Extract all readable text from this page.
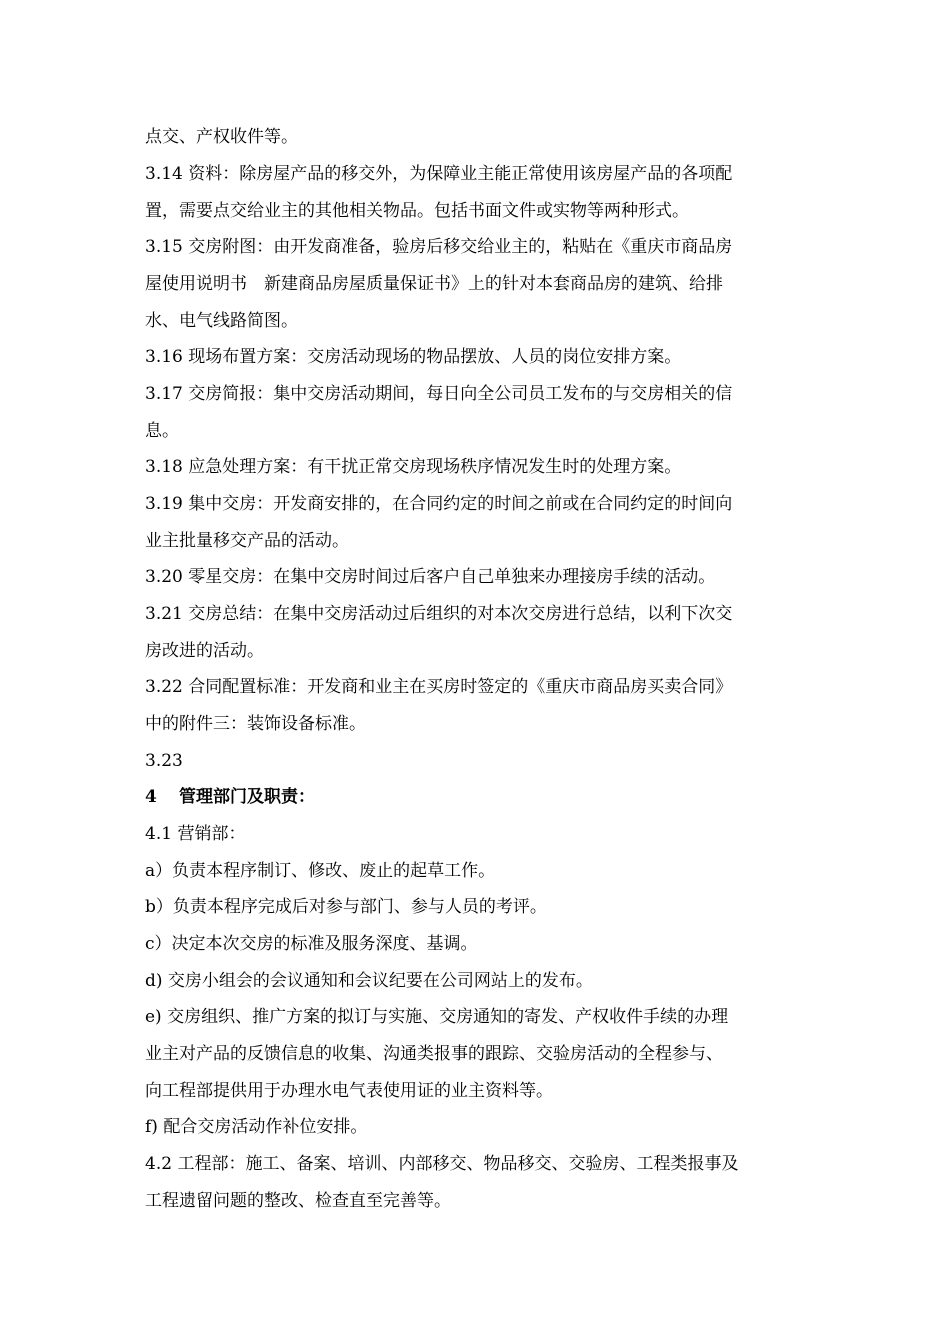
点交、产权收件等。
3.14 资料：除房屋产品的移交外，为保障业主能正常使用该房屋产品的各项配
置，需要点交给业主的其他相关物品。包括书面文件或实物等两种形式。
3.15 交房附图：由开发商准备，验房后移交给业主的，粘贴在《重庆市商品房
屋使用说明书　新建商品房屋质量保证书》上的针对本套商品房的建筑、给排
水、电气线路简图。
3.16 现场布置方案：交房活动现场的物品摆放、人员的岗位安排方案。
3.17 交房简报：集中交房活动期间，每日向全公司员工发布的与交房相关的信
息。
3.18 应急处理方案：有干扰正常交房现场秩序情况发生时的处理方案。
3.19 集中交房：开发商安排的，在合同约定的时间之前或在合同约定的时间向
业主批量移交产品的活动。
3.20 零星交房：在集中交房时间过后客户自己单独来办理接房手续的活动。
3.21 交房总结：在集中交房活动过后组织的对本次交房进行总结，以利下次交
房改进的活动。
3.22 合同配置标准：开发商和业主在买房时签定的《重庆市商品房买卖合同》
中的附件三：装饰设备标准。
3.23
4 管理部门及职责：
4.1 营销部：
a）负责本程序制订、修改、废止的起草工作。
b）负责本程序完成后对参与部门、参与人员的考评。
c）决定本次交房的标准及服务深度、基调。
d) 交房小组会的会议通知和会议纪要在公司网站上的发布。
e) 交房组织、推广方案的拟订与实施、交房通知的寄发、产权收件手续的办理
业主对产品的反馈信息的收集、沟通类报事的跟踪、交验房活动的全程参与、
向工程部提供用于办理水电气表使用证的业主资料等。
f) 配合交房活动作补位安排。
4.2 工程部：施工、备案、培训、内部移交、物品移交、交验房、工程类报事及
工程遗留问题的整改、检查直至完善等。
